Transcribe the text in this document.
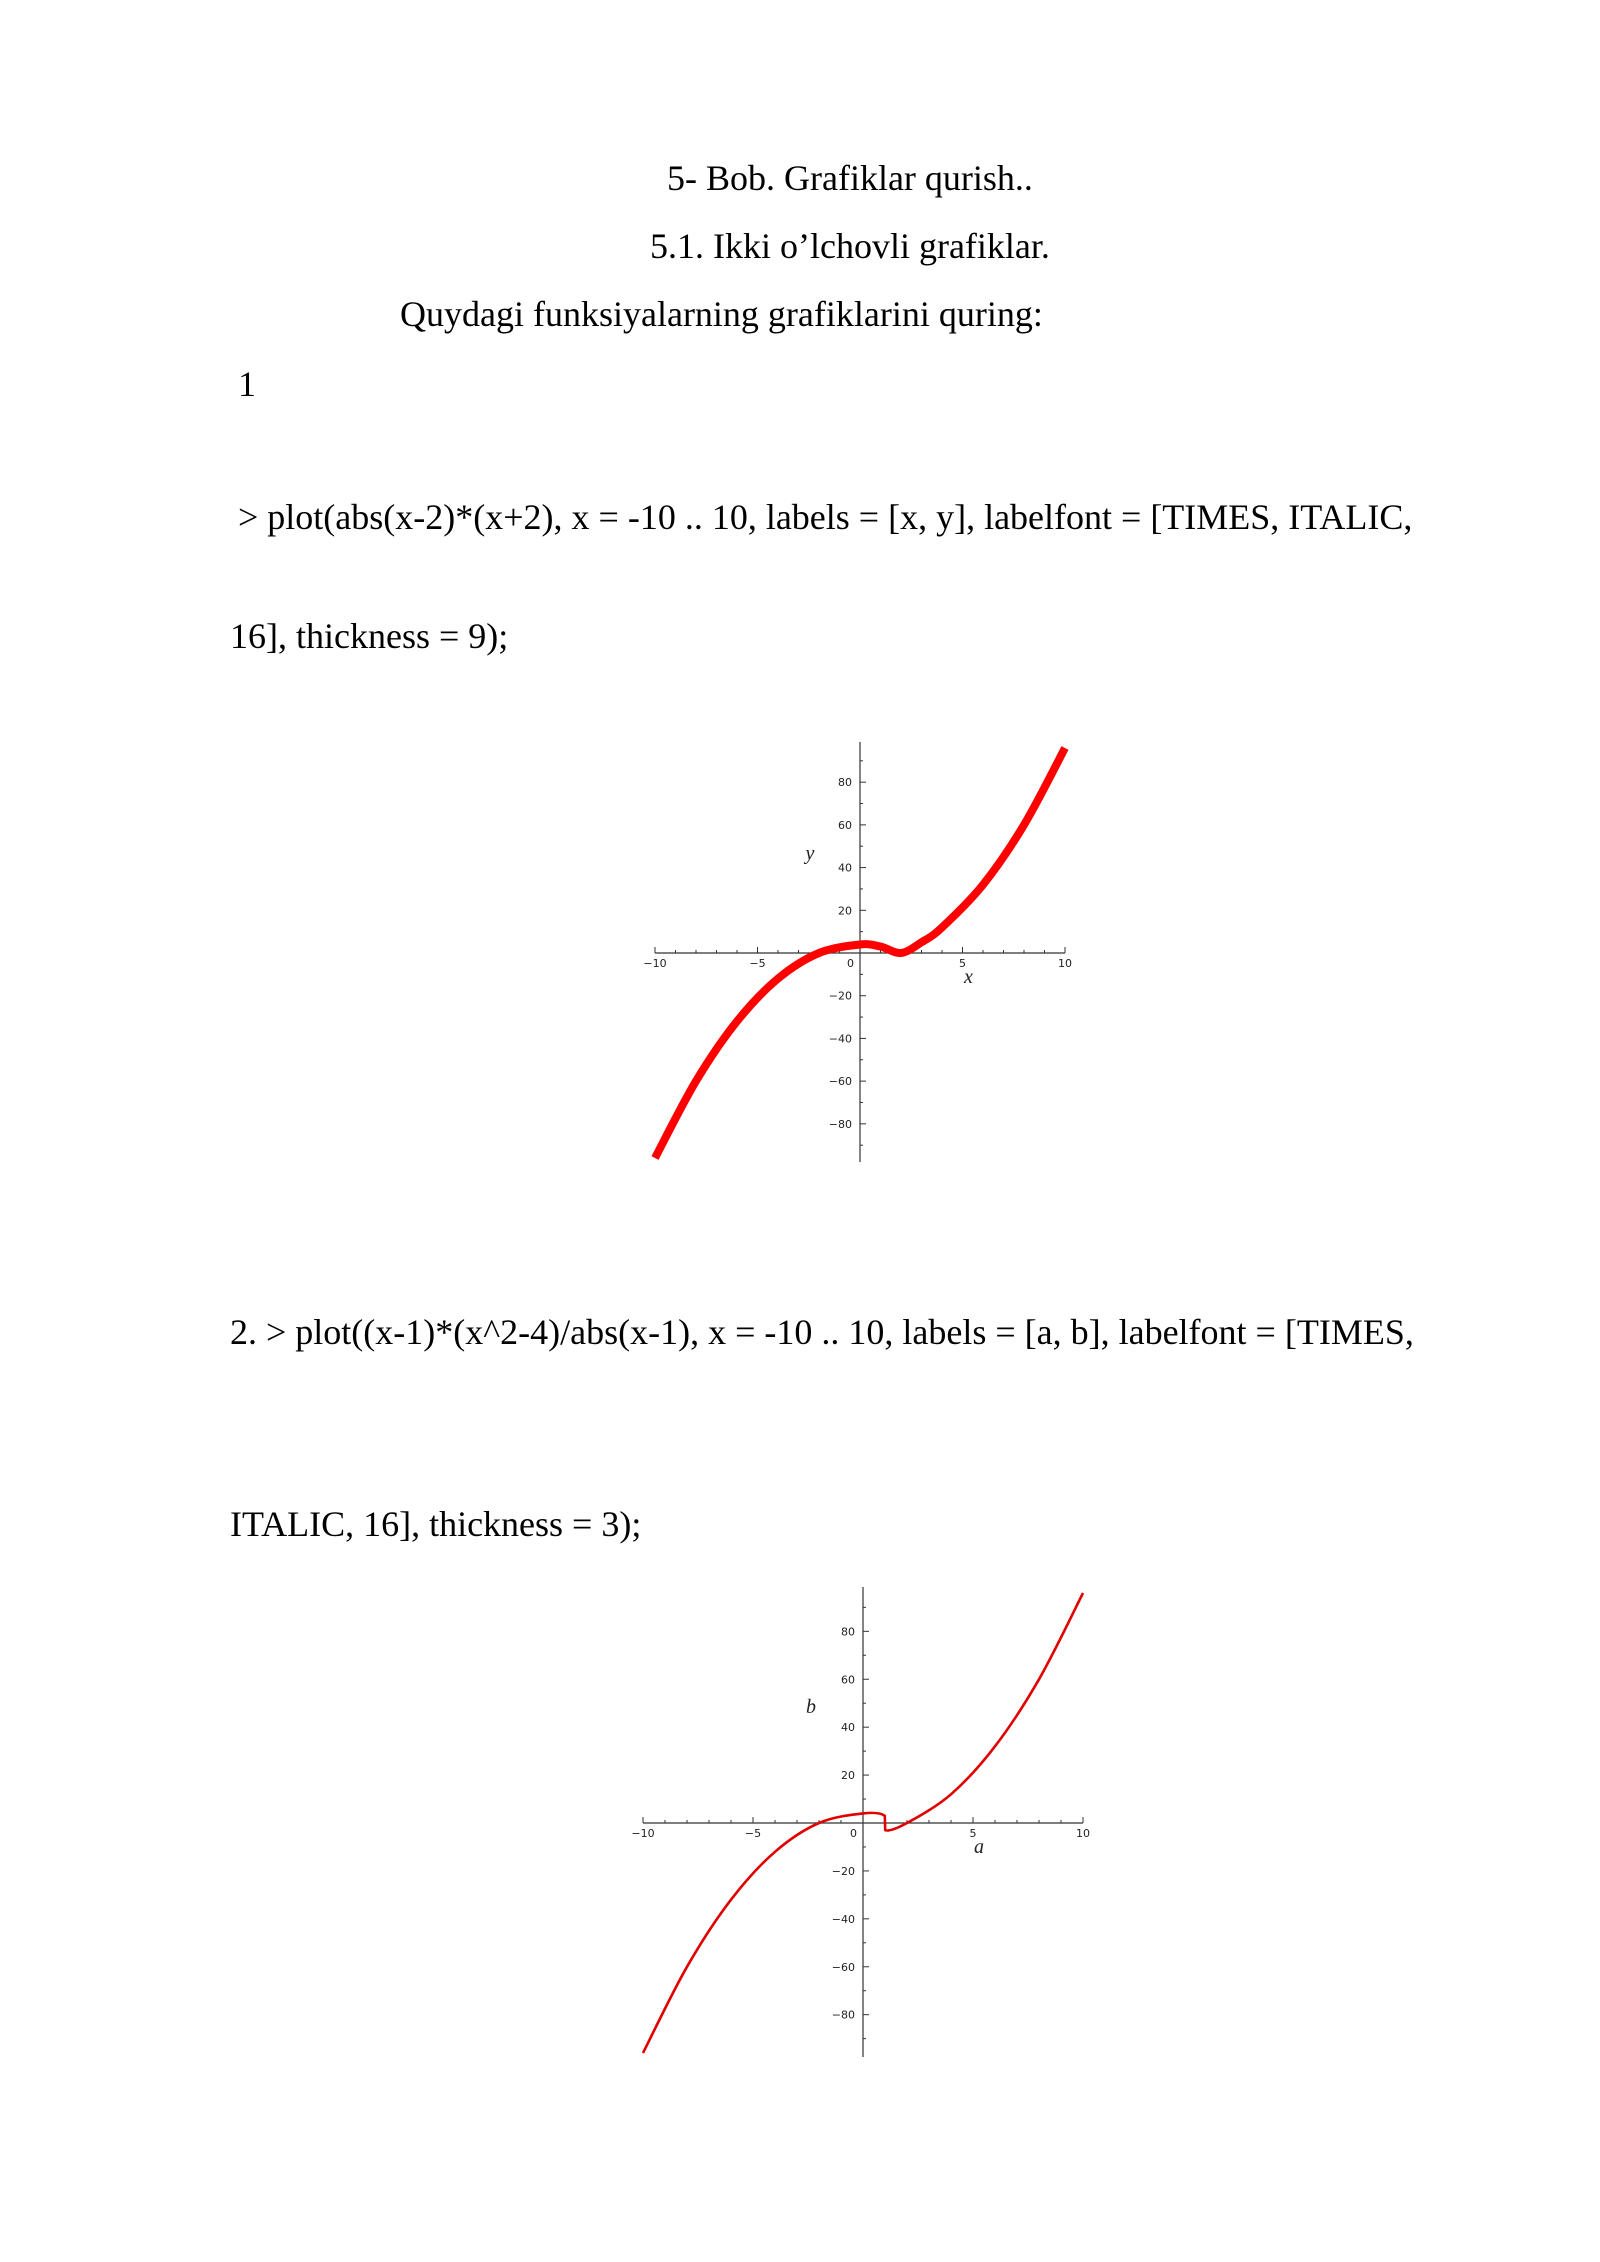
5- Bob. Grafiklar qurish..
5.1. Ikki o’lchovli grafiklar.
Quydagi funksiyalarning grafiklarini quring:
1
> plot(abs(x-2)*(x+2), x = -10 .. 10, labels = [x, y], labelfont = [TIMES, ITALIC,
16], thickness = 9);
−10	−5	0	5	10
80
60
40
20
−20
−40
−60
−80
x
y
2. > plot((x-1)*(x^2-4)/abs(x-1), x = -10 .. 10, labels = [a, b], labelfont = [TIMES,
ITALIC, 16], thickness = 3);
−10	−5	0	5	10
80
60
40
20
−20
−40
−60
−80
a
b
